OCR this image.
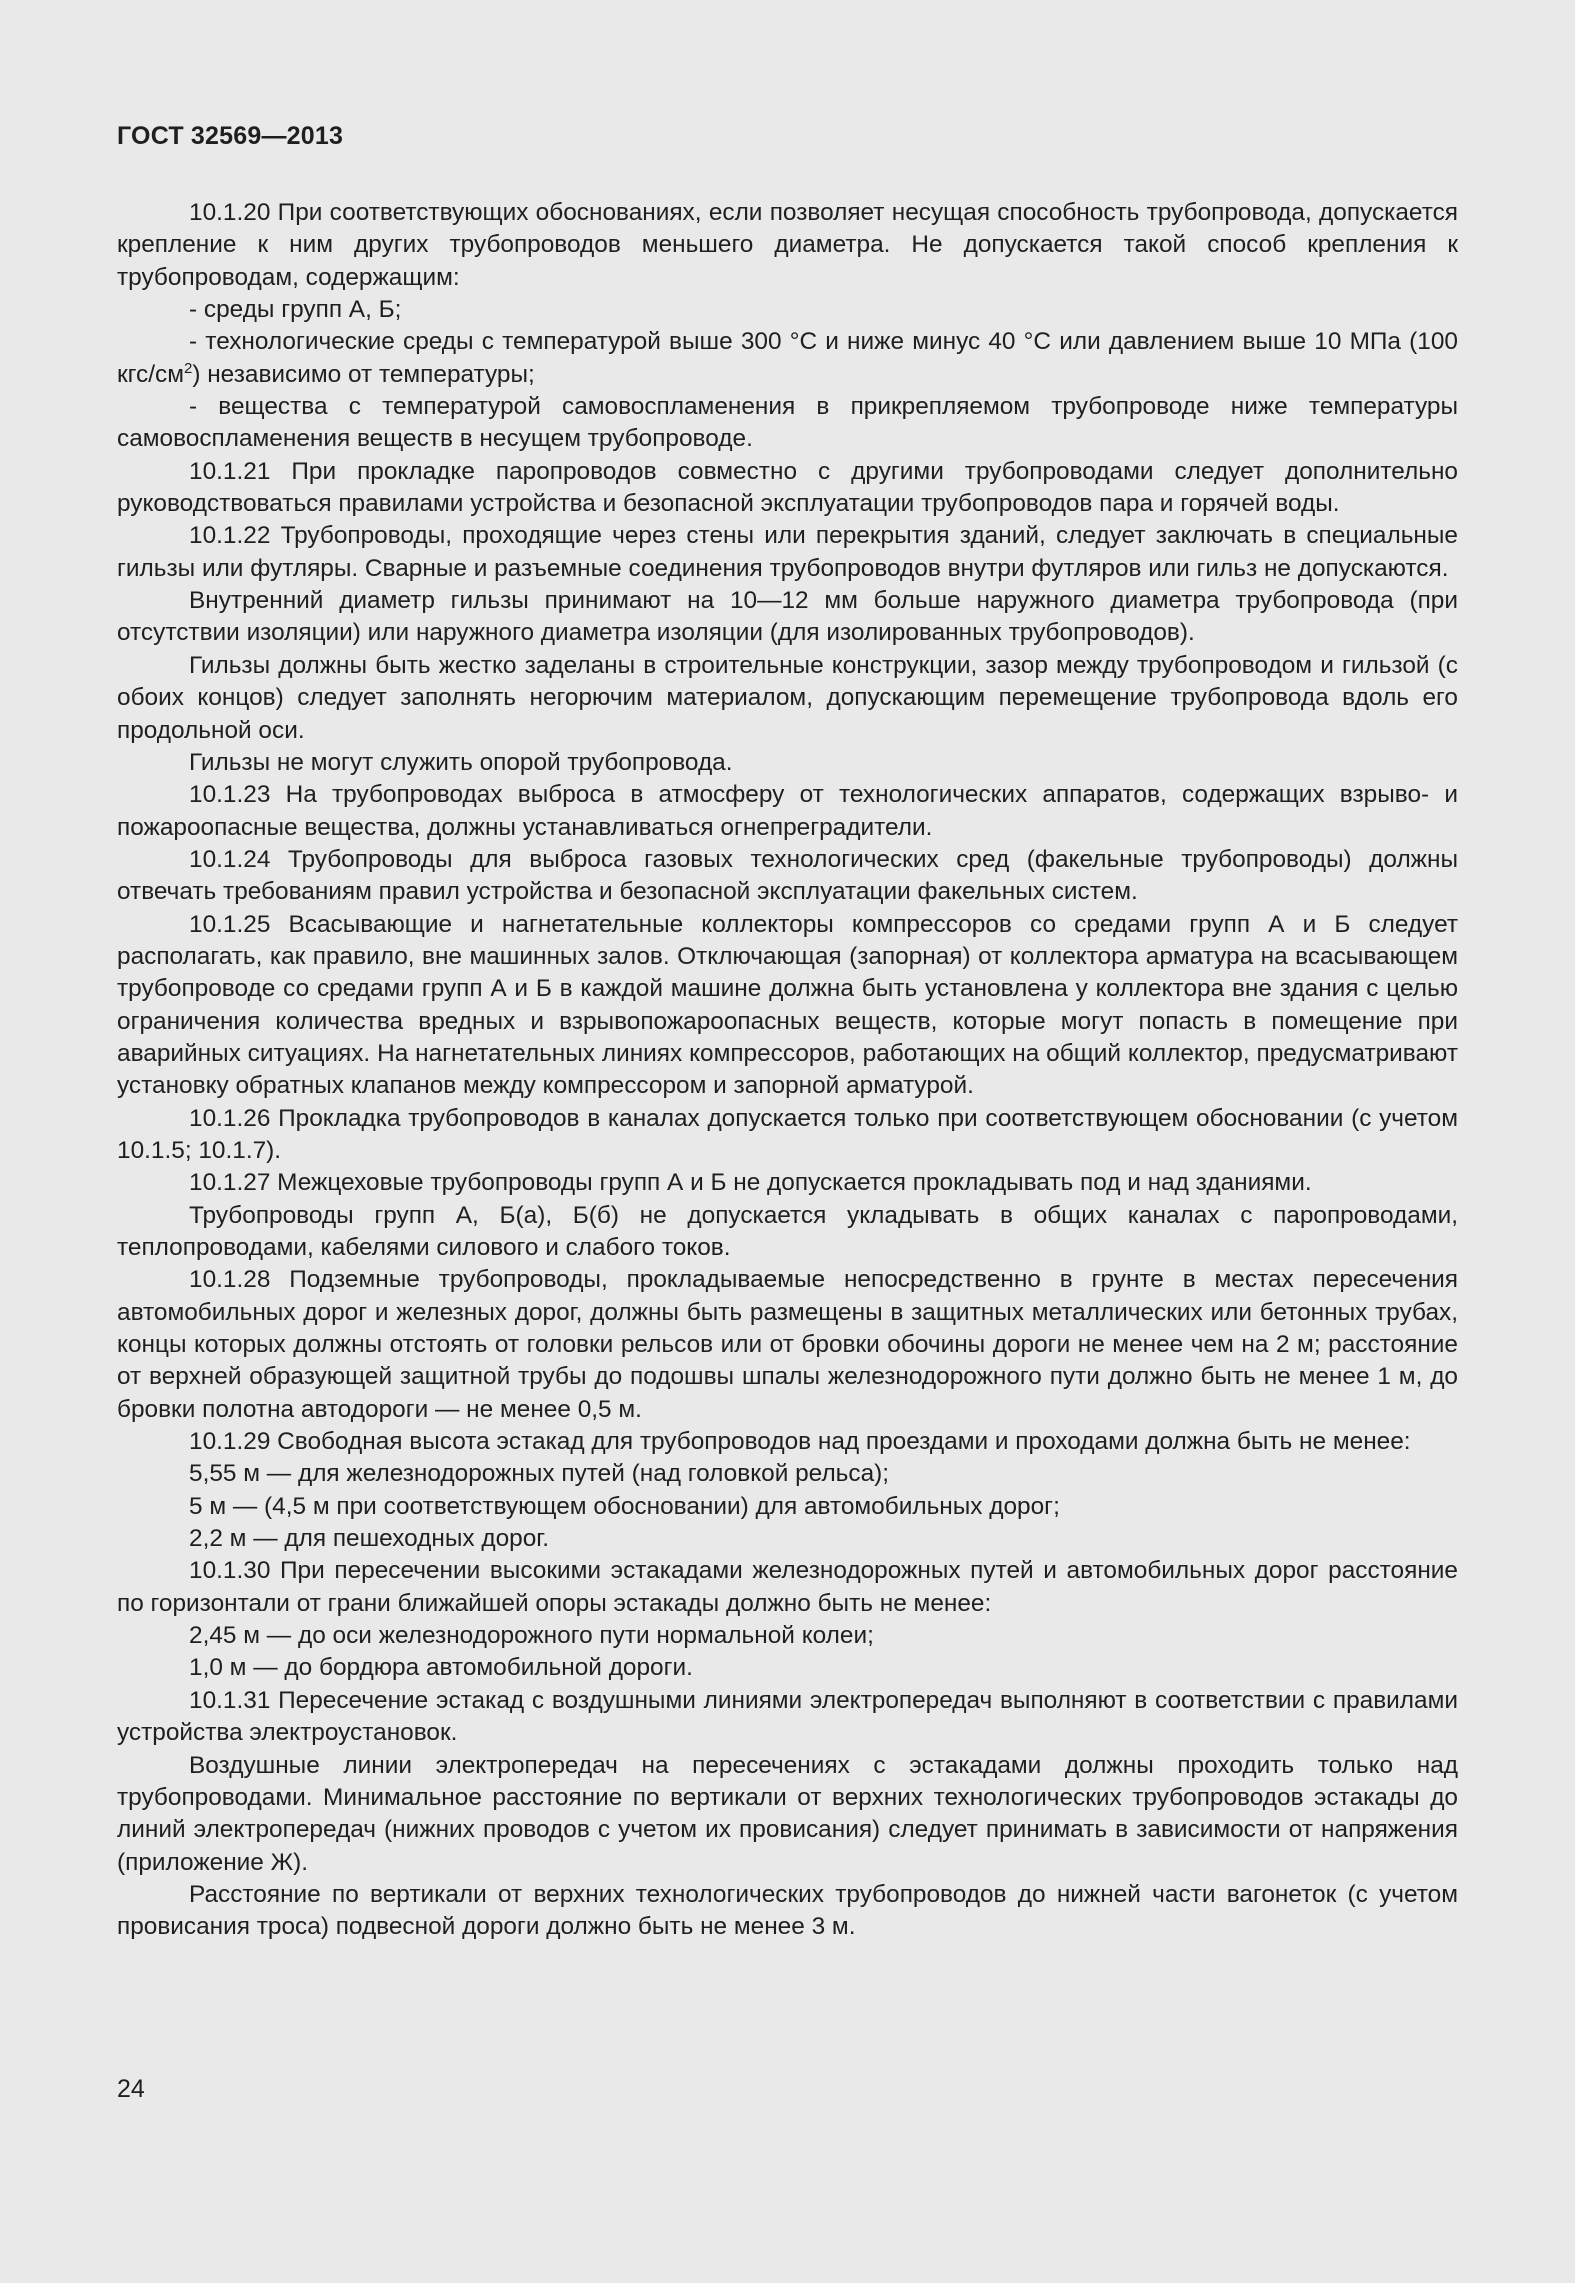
ГОСТ 32569—2013

10.1.20 При соответствующих обоснованиях, если позволяет несущая способность трубопровода, допускается крепление к ним других трубопроводов меньшего диаметра. Не допускается такой способ крепления к трубопроводам, содержащим:

- среды групп А, Б;

- технологические среды с температурой выше 300 °С и ниже минус 40 °С или давлением выше 10 МПа (100 кгс/$см^2$) независимо от температуры;

- вещества с температурой самовоспламенения в прикрепляемом трубопроводе ниже температуры самовоспламенения веществ в несущем трубопроводе.

10.1.21 При прокладке паропроводов совместно с другими трубопроводами следует дополнительно руководствоваться правилами устройства и безопасной эксплуатации трубопроводов пара и горячей воды.

10.1.22 Трубопроводы, проходящие через стены или перекрытия зданий, следует заключать в специальные гильзы или футляры. Сварные и разъемные соединения трубопроводов внутри футляров или гильз не допускаются.

Внутренний диаметр гильзы принимают на 10—12 мм больше наружного диаметра трубопровода (при отсутствии изоляции) или наружного диаметра изоляции (для изолированных трубопроводов).

Гильзы должны быть жестко заделаны в строительные конструкции, зазор между трубопроводом и гильзой (с обоих концов) следует заполнять негорючим материалом, допускающим перемещение трубопровода вдоль его продольной оси.

Гильзы не могут служить опорой трубопровода.

10.1.23 На трубопроводах выброса в атмосферу от технологических аппаратов, содержащих взрыво- и пожароопасные вещества, должны устанавливаться огнепреградители.

10.1.24 Трубопроводы для выброса газовых технологических сред (факельные трубопроводы) должны отвечать требованиям правил устройства и безопасной эксплуатации факельных систем.

10.1.25 Всасывающие и нагнетательные коллекторы компрессоров со средами групп А и Б следует располагать, как правило, вне машинных залов. Отключающая (запорная) от коллектора арматура на всасывающем трубопроводе со средами групп А и Б в каждой машине должна быть установлена у коллектора вне здания с целью ограничения количества вредных и взрывопожароопасных веществ, которые могут попасть в помещение при аварийных ситуациях. На нагнетательных линиях компрессоров, работающих на общий коллектор, предусматривают установку обратных клапанов между компрессором и запорной арматурой.

10.1.26 Прокладка трубопроводов в каналах допускается только при соответствующем обосновании (с учетом 10.1.5; 10.1.7).

10.1.27 Межцеховые трубопроводы групп А и Б не допускается прокладывать под и над зданиями.

Трубопроводы групп А, Б(а), Б(б) не допускается укладывать в общих каналах с паропроводами, теплопроводами, кабелями силового и слабого токов.

10.1.28 Подземные трубопроводы, прокладываемые непосредственно в грунте в местах пересечения автомобильных дорог и железных дорог, должны быть размещены в защитных металлических или бетонных трубах, концы которых должны отстоять от головки рельсов или от бровки обочины дороги не менее чем на 2 м; расстояние от верхней образующей защитной трубы до подошвы шпалы железнодорожного пути должно быть не менее 1 м, до бровки полотна автодороги — не менее 0,5 м.

10.1.29 Свободная высота эстакад для трубопроводов над проездами и проходами должна быть не менее:

5,55 м — для железнодорожных путей (над головкой рельса);

5 м — (4,5 м при соответствующем обосновании) для автомобильных дорог;

2,2 м — для пешеходных дорог.

10.1.30 При пересечении высокими эстакадами железнодорожных путей и автомобильных дорог расстояние по горизонтали от грани ближайшей опоры эстакады должно быть не менее:

2,45 м — до оси железнодорожного пути нормальной колеи;

1,0 м — до бордюра автомобильной дороги.

10.1.31 Пересечение эстакад с воздушными линиями электропередач выполняют в соответствии с правилами устройства электроустановок.

Воздушные линии электропередач на пересечениях с эстакадами должны проходить только над трубопроводами. Минимальное расстояние по вертикали от верхних технологических трубопроводов эстакады до линий электропередач (нижних проводов с учетом их провисания) следует принимать в зависимости от напряжения (приложение Ж).

Расстояние по вертикали от верхних технологических трубопроводов до нижней части вагонеток (с учетом провисания троса) подвесной дороги должно быть не менее 3 м.

24
